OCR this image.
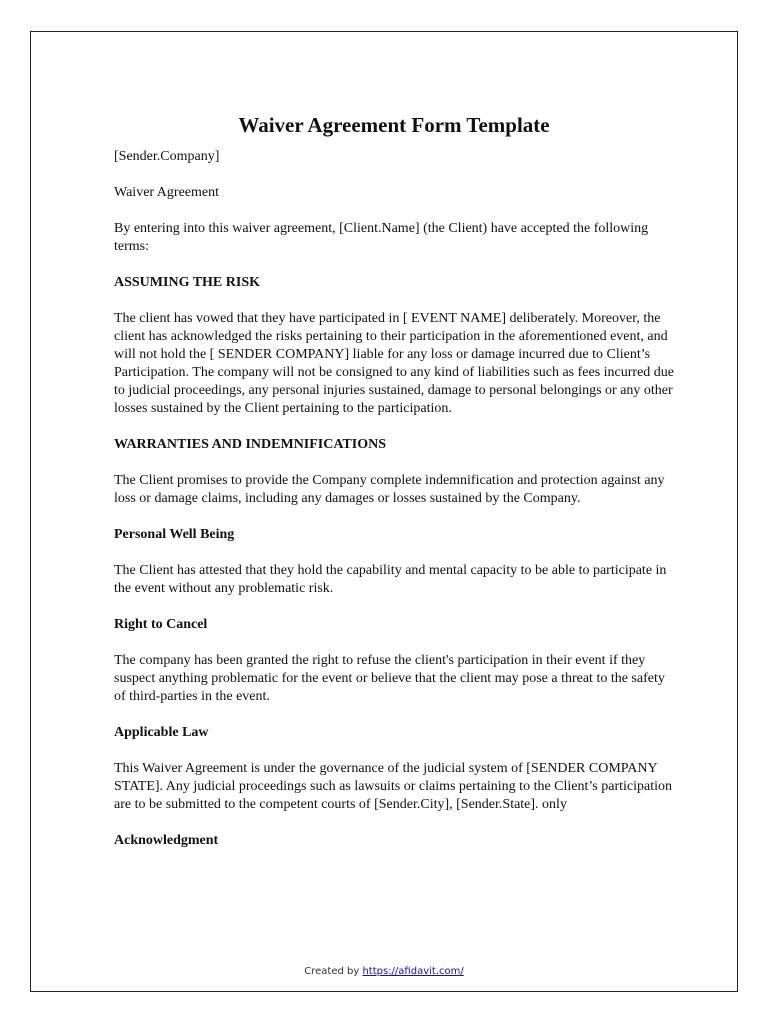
Waiver Agreement Form Template
[Sender.Company]
Waiver Agreement
By entering into this waiver agreement, [Client.Name] (the Client) have accepted the following terms:
ASSUMING THE RISK
The client has vowed that they have participated in [ EVENT NAME] deliberately. Moreover, the client has acknowledged the risks pertaining to their participation in the aforementioned event, and will not hold the [ SENDER COMPANY] liable for any loss or damage incurred due to Client’s Participation. The company will not be consigned to any kind of liabilities such as fees incurred due to judicial proceedings, any personal injuries sustained, damage to personal belongings or any other losses sustained by the Client pertaining to the participation.
WARRANTIES AND INDEMNIFICATIONS
The Client promises to provide the Company complete indemnification and protection against any loss or damage claims, including any damages or losses sustained by the Company.
Personal Well Being
The Client has attested that they hold the capability and mental capacity to be able to participate in the event without any problematic risk.
Right to Cancel
The company has been granted the right to refuse the client's participation in their event if they suspect anything problematic for the event or believe that the client may pose a threat to the safety of third-parties in the event.
Applicable Law
This Waiver Agreement is under the governance of the judicial system of [SENDER COMPANY STATE]. Any judicial proceedings such as lawsuits or claims pertaining to the Client’s participation are to be submitted to the competent courts of [Sender.City], [Sender.State]. only
Acknowledgment
Created by https://afidavit.com/
